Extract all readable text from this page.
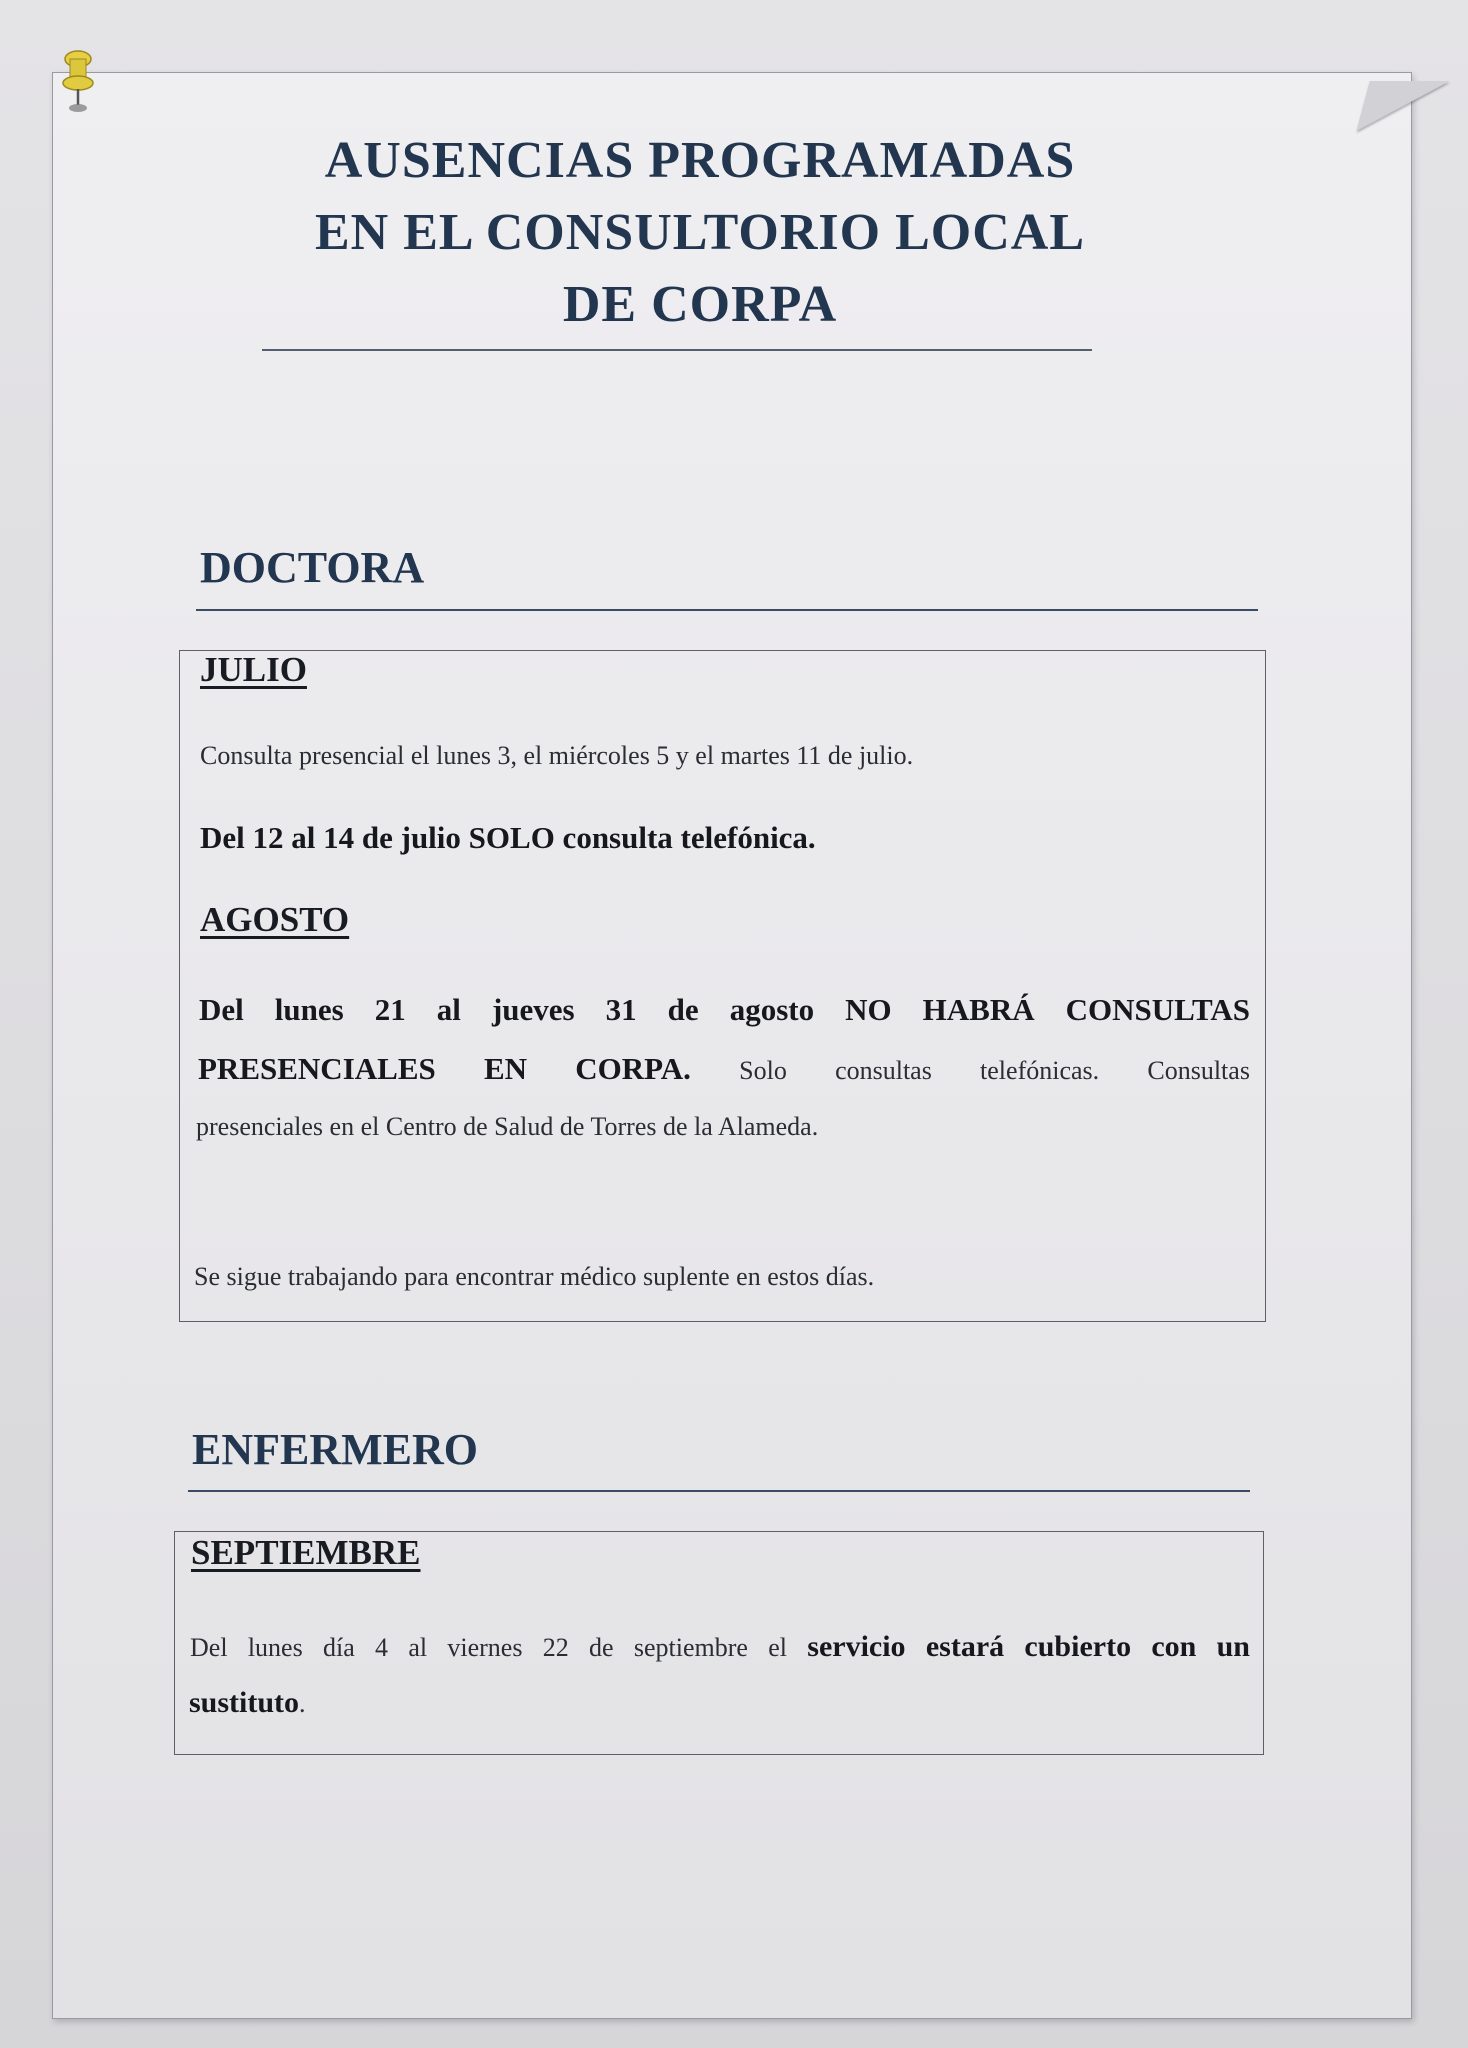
AUSENCIAS PROGRAMADAS
EN EL CONSULTORIO LOCAL
DE CORPA
DOCTORA
JULIO
Consulta presencial el lunes 3, el miércoles 5 y el martes 11 de julio.
Del 12 al 14 de julio SOLO consulta telefónica.
AGOSTO
Del lunes 21 al jueves 31 de agosto NO HABRÁ CONSULTAS
PRESENCIALES EN CORPA. Solo consultas telefónicas. Consultas
presenciales en el Centro de Salud de Torres de la Alameda.
Se sigue trabajando para encontrar médico suplente en estos días.
ENFERMERO
SEPTIEMBRE
Del lunes día 4 al viernes 22 de septiembre el servicio estará cubierto con un
sustituto .
